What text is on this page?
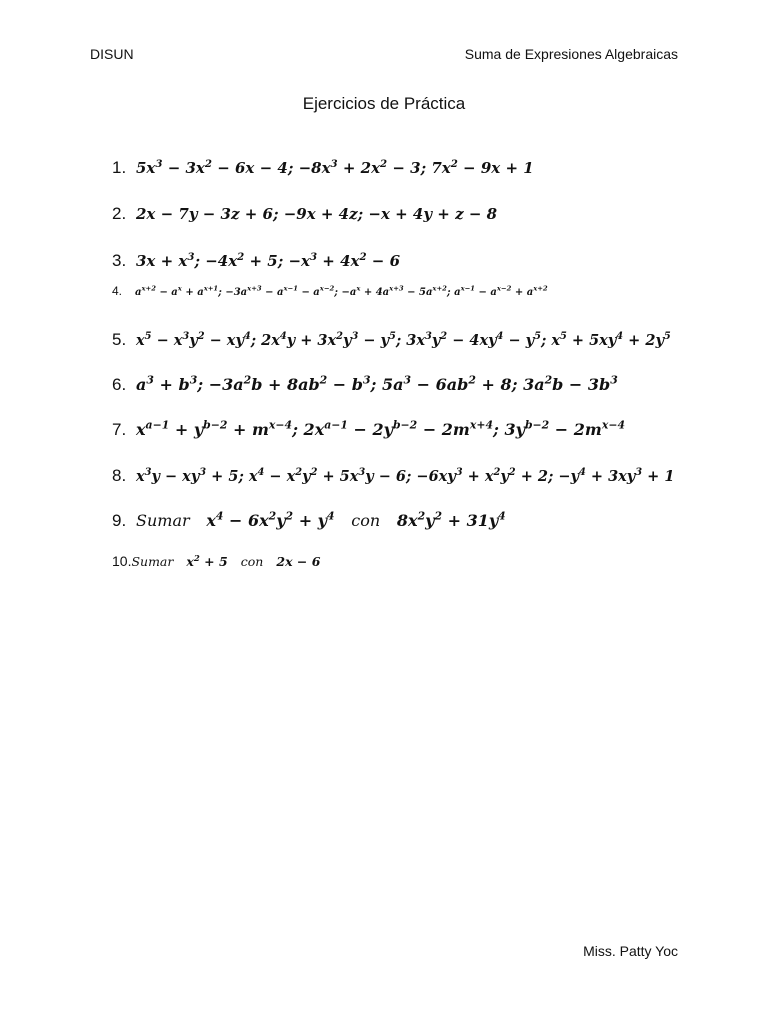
DISUN	Suma de Expresiones Algebraicas
Ejercicios de Práctica
1. $5x^3 - 3x^2 - 6x - 4$; $-8x^3 + 2x^2 - 3$; $7x^2 - 9x + 1$
2. 2x − 7y − 3z + 6; −9x + 4z; −x + 4y + z − 8
3. $3x + x^3$; $-4x^2 + 5$; $-x^3 + 4x^2 - 6$
4.	$a^{x+2} - a^x + a^{x+1}$; $-3a^{x+3} - a^{x-1} - a^{x-2}$; $-a^x + 4a^{x+3} - 5a^{x+2}$; $a^{x-1} - a^{x-2} + a^{x+2}$
5. $x^5 - x^3y^2 - xy^4$; $2x^4y + 3x^2y^3 - y^5$; $3x^3y^2 - 4xy^4 - y^5$; $x^5 + 5xy^4 + 2y^5$
6. $a^3 + b^3$; $-3a^2b + 8ab^2 - b^3$; $5a^3 - 6ab^2 + 8$; $3a^2b - 3b^3$
7. $x^{a-1} + y^{b-2} + m^{x-4}$; $2x^{a-1} - 2y^{b-2} - 2m^{x+4}$; $3y^{b-2} - 2m^{x-4}$
8. $x^3y - xy^3 + 5$; $x^4 - x^2y^2 + 5x^3y - 6$; $-6xy^3 + x^2y^2 + 2$; $-y^4 + 3xy^3 + 1$
9. Sumar   $x^4 - 6x^2y^2 + y^4$ con   $8x^2y^2 + 31y^4$
10. Sumar   $x^2 + 5$   con   2x − 6
Miss. Patty Yoc
